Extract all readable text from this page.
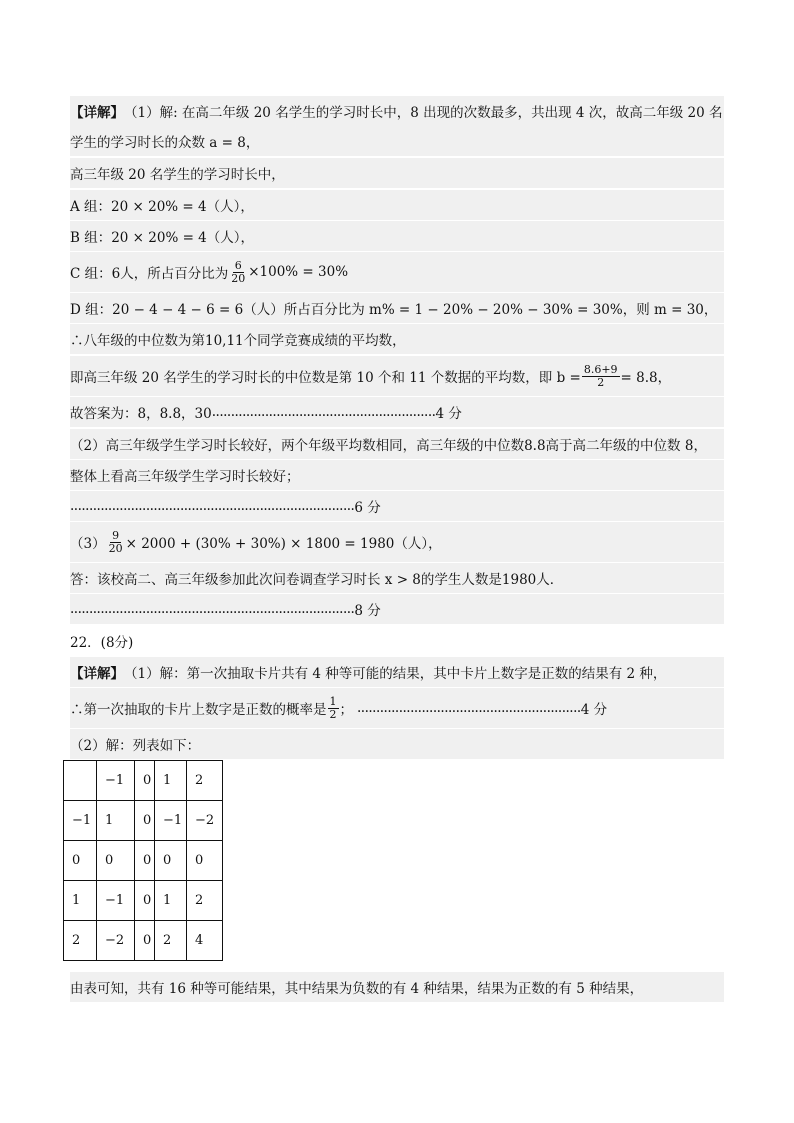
【详解】 （1）解: 在高二年级 20 名学生的学习时长中，8 出现的次数最多，共出现 4 次，故高二年级 20 名
学生的学习时长的众数 a = 8，
高三年级 20 名学生的学习时长中，
A 组：20 × 20% = 4（人），
B 组：20 × 20% = 4（人），
C 组：6人，所占百分比为 $\frac{6}{20} \times 100\% = 30\%$
D 组：20 − 4 − 4 − 6 = 6（人）所占百分比为 m% = 1 − 20% − 20% − 30% = 30%，则 m = 30，
∴八年级的中位数为第10,11个同学竞赛成绩的平均数，
即高三年级 20 名学生的学习时长的中位数是第 10 个和 11 个数据的平均数，即 $b = \frac{8.6+9}{2} = 8.8$，
故答案为：8，8.8，30 ........................................................... 4 分
（2）高三年级学生学习时长较好，两个年级平均数相同，高三年级的中位数8.8高于高二年级的中位数 8，
整体上看高三年级学生学习时长较好；
........................................................................... 6 分
$(3) \frac{9}{20} \times 2000 + (30\% + 30\%) \times 1800 = 1980$（人），
答：该校高二、高三年级参加此次问卷调查学习时长 x > 8的学生人数是1980人．
........................................................................... 8 分
22．(8分)
【详解】 （1）解：第一次抽取卡片共有 4 种等可能的结果，其中卡片上数字是正数的结果有 2 种，
∴第一次抽取的卡片上数字是正数的概率是 $\frac{1}{2}$ ； ........................................................... 4 分
（2）解：列表如下：
	−1	0	1	2
−1	1	0	−1	−2
0	0	0	0	0
1	−1	0	1	2
2	−2	0	2	4
由表可知，共有 16 种等可能结果，其中结果为负数的有 4 种结果，结果为正数的有 5 种结果，
